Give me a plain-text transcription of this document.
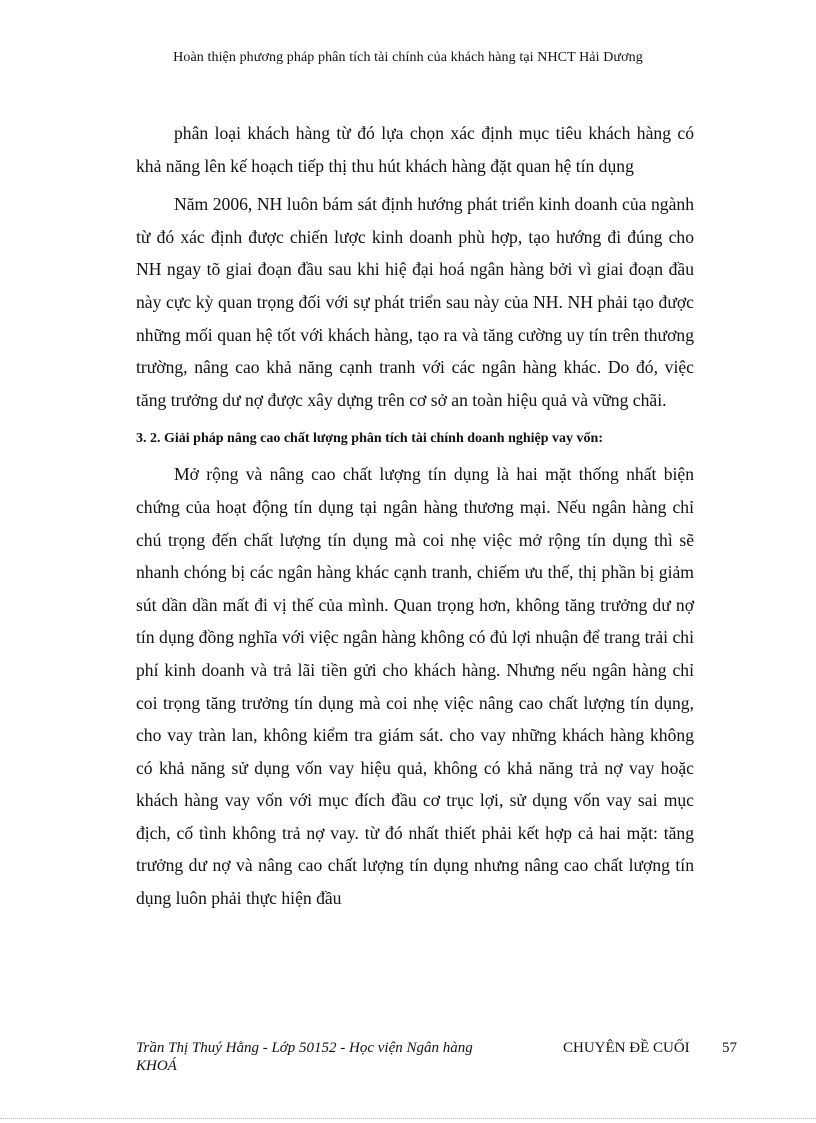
Hoàn thiện phương pháp phân tích tài chính của khách hàng tại NHCT Hải Dương

phân loại khách hàng từ đó lựa chọn xác định mục tiêu khách hàng có khả năng lên kế hoạch tiếp thị thu hút khách hàng đặt quan hệ tín dụng

Năm 2006, NH luôn bám sát định hướng phát triển kinh doanh của ngành từ đó xác định được chiến lược kinh doanh phù hợp, tạo hướng đi đúng cho NH ngay tõ giai đoạn đầu sau khi hiệ đại hoá ngân hàng bởi vì giai đoạn đầu này cực kỳ quan trọng đối với sự phát triển sau này của NH. NH phải tạo được những mối quan hệ tốt với khách hàng, tạo ra và tăng cường uy tín trên thương trường, nâng cao khả năng cạnh tranh với các ngân hàng khác. Do đó, việc tăng trưởng dư nợ được xây dựng trên cơ sở an toàn hiệu quả và vững chãi.

3. 2. Giải pháp nâng cao chất lượng phân tích tài chính doanh nghiệp vay vốn:

Mở rộng và nâng cao chất lượng tín dụng là hai mặt thống nhất biện chứng của hoạt động tín dụng tại ngân hàng thương mại. Nếu ngân hàng chỉ chú trọng đến chất lượng tín dụng mà coi nhẹ việc mở rộng tín dụng thì sẽ nhanh chóng bị các ngân hàng khác cạnh tranh, chiếm ưu thế, thị phần bị giảm sút dần dần mất đi vị thế của mình. Quan trọng hơn, không tăng trưởng dư nợ tín dụng đồng nghĩa với việc ngân hàng không có đủ lợi nhuận để trang trải chi phí kinh doanh và trả lãi tiền gửi cho khách hàng. Nhưng nếu ngân hàng chỉ coi trọng tăng trưởng tín dụng mà coi nhẹ việc nâng cao chất lượng tín dụng, cho vay tràn lan, không kiểm tra giám sát. cho vay những khách hàng không có khả năng sử dụng vốn vay hiệu quả, không có khả năng trả nợ vay hoặc khách hàng vay vốn với mục đích đầu cơ trục lợi, sử dụng vốn vay sai mục địch, cố tình không trả nợ vay. từ đó nhất thiết phải kết hợp cả hai mặt: tăng trưởng dư nợ và nâng cao chất lượng tín dụng nhưng nâng cao chất lượng tín dụng luôn phải thực hiện đầu

Trần Thị Thuý Hằng - Lớp 50152 - Học viện Ngân hàng	CHUYÊN ĐỀ CUỐI 57
KHOÁ
